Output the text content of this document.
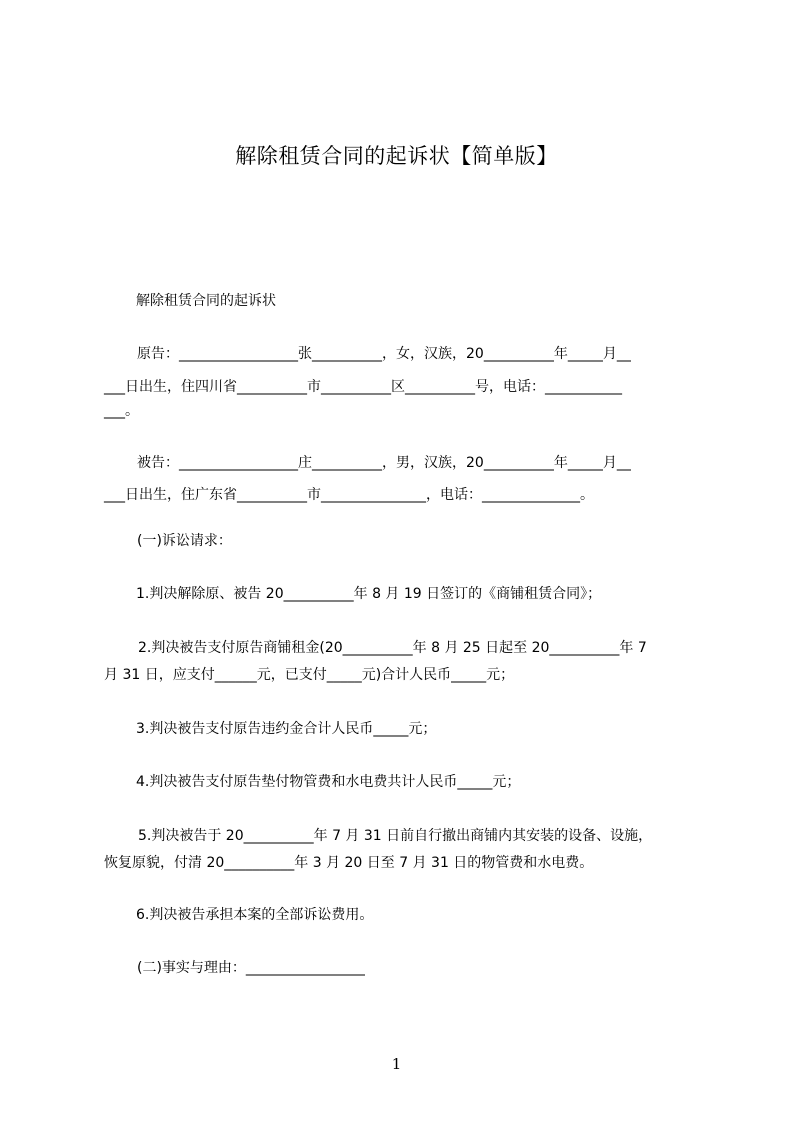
解除租赁合同的起诉状【简单版】
解除租赁合同的起诉状
原告：_________________张__________，女，汉族，20__________年_____月__
___日出生，住四川省__________市__________区__________号，电话：___________
___。
被告：_________________庄__________，男，汉族，20__________年_____月__
___日出生，住广东省__________市_______________，电话：______________。
(一)诉讼请求：
1.判决解除原、被告 20__________年 8 月 19 日签订的《商铺租赁合同》；
2.判决被告支付原告商铺租金(20__________年 8 月 25 日起至 20__________年 7
月 31 日，应支付______元，已支付_____元)合计人民币_____元；
3.判决被告支付原告违约金合计人民币_____元；
4.判决被告支付原告垫付物管费和水电费共计人民币_____元；
5.判决被告于 20__________年 7 月 31 日前自行撤出商铺内其安装的设备、设施，
恢复原貌，付清 20__________年 3 月 20 日至 7 月 31 日的物管费和水电费。
6.判决被告承担本案的全部诉讼费用。
(二)事实与理由：_________________
1
